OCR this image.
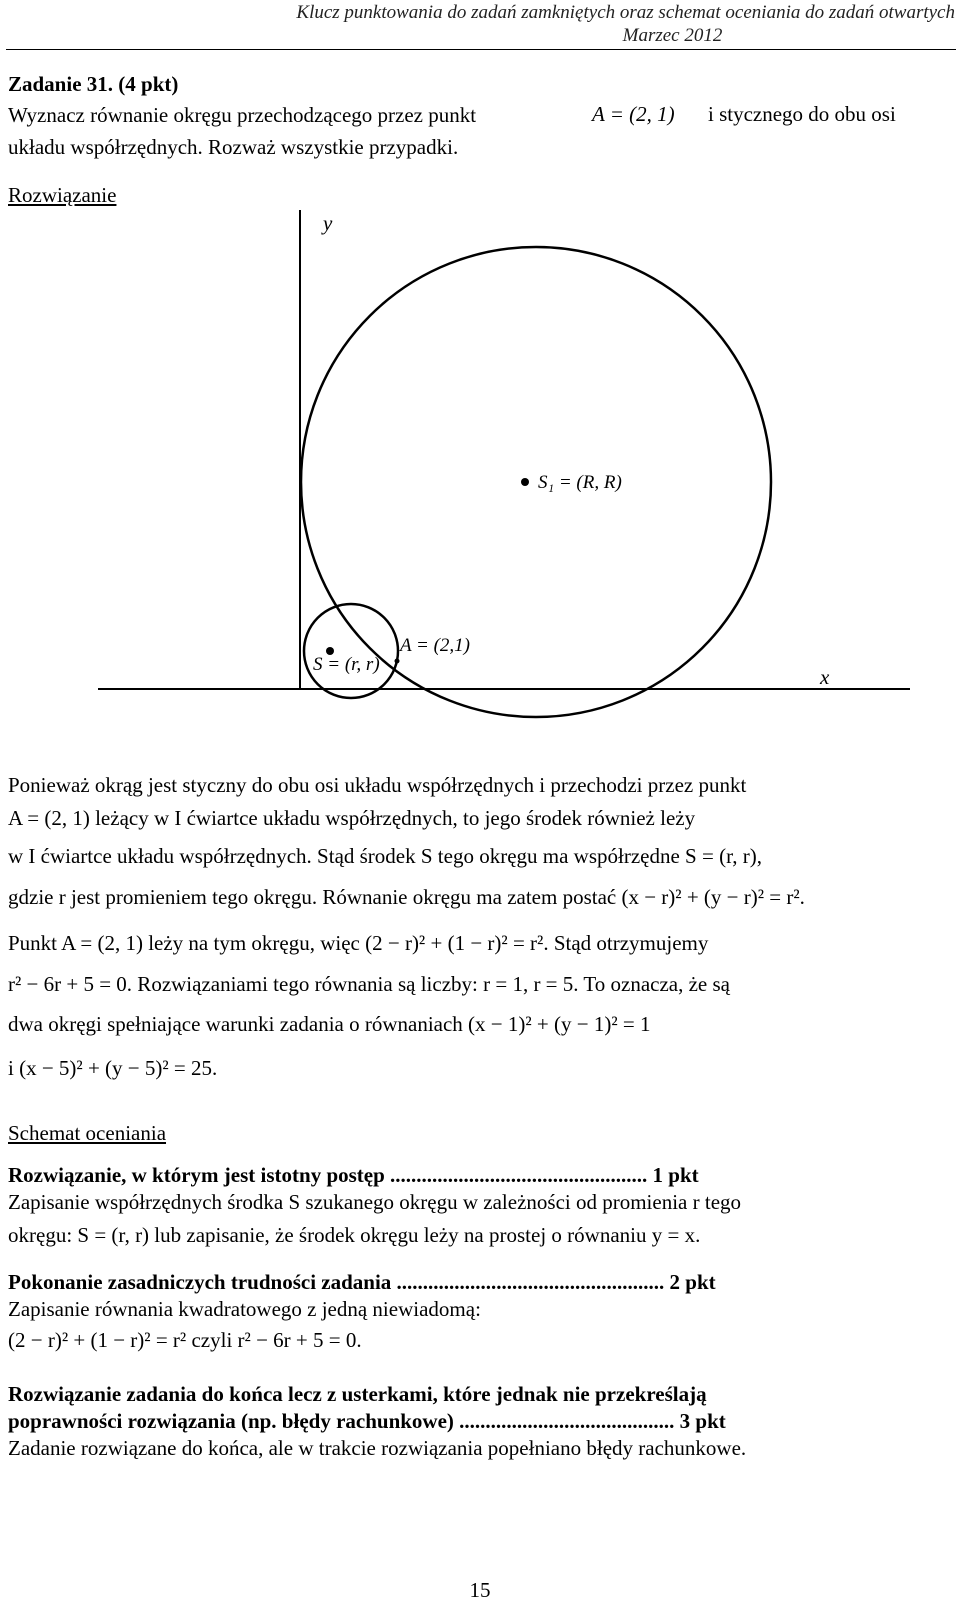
Klucz punktowania do zadań zamkniętych oraz schemat oceniania do zadań otwartych
Marzec 2012
Zadanie 31. (4 pkt)
Wyznacz równanie okręgu przechodzącego przez punkt	A = (2, 1) i stycznego do obu osi
układu współrzędnych. Rozważ wszystkie przypadki.
Rozwiązanie
y
x
S₁ = (R, R)
A = (2,1)
S = (r, r)
Ponieważ okrąg jest styczny do obu osi układu współrzędnych i przechodzi przez punkt
A = (2, 1) leżący w I ćwiartce układu współrzędnych, to jego środek również leży
w I ćwiartce układu współrzędnych. Stąd środek S tego okręgu ma współrzędne S = (r, r),
gdzie r jest promieniem tego okręgu. Równanie okręgu ma zatem postać (x − r)² + (y − r)² = r².
Punkt A = (2, 1) leży na tym okręgu, więc (2 − r)² + (1 − r)² = r². Stąd otrzymujemy
r² − 6r + 5 = 0. Rozwiązaniami tego równania są liczby: r = 1, r = 5. To oznacza, że są
dwa okręgi spełniające warunki zadania o równaniach (x − 1)² + (y − 1)² = 1
i (x − 5)² + (y − 5)² = 25.
Schemat oceniania
Rozwiązanie, w którym jest istotny postęp ................................................. 1 pkt
Zapisanie współrzędnych środka S szukanego okręgu w zależności od promienia r tego
okręgu: S = (r, r) lub zapisanie, że środek okręgu leży na prostej o równaniu y = x.
Pokonanie zasadniczych trudności zadania ................................................... 2 pkt
Zapisanie równania kwadratowego z jedną niewiadomą:
(2 − r)² + (1 − r)² = r² czyli r² − 6r + 5 = 0.
Rozwiązanie zadania do końca lecz z usterkami, które jednak nie przekreślają
poprawności rozwiązania (np. błędy rachunkowe) ......................................... 3 pkt
Zadanie rozwiązane do końca, ale w trakcie rozwiązania popełniano błędy rachunkowe.
15
